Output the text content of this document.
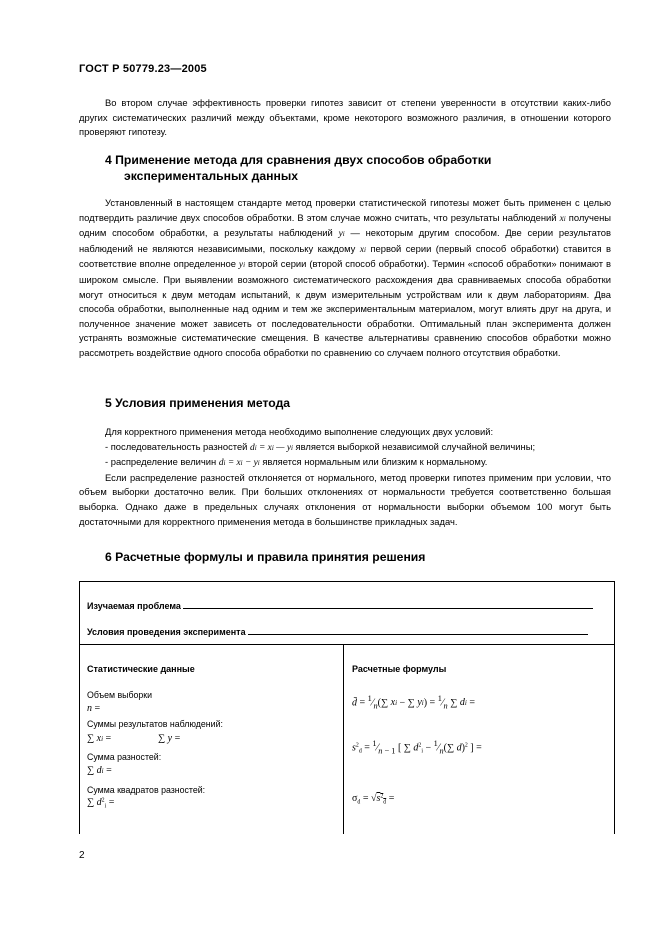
ГОСТ Р 50779.23—2005

Во втором случае эффективность проверки гипотез зависит от степени уверенности в отсутствии каких-либо других систематических различий между объектами, кроме некоторого возможного различия, в отношении которого проверяют гипотезу.

4 Применение метода для сравнения двух способов обработки
экспериментальных данных

Установленный в настоящем стандарте метод проверки статистической гипотезы может быть применен с целью подтвердить различие двух способов обработки. В этом случае можно считать, что результаты наблюдений xi получены одним способом обработки, а результаты наблюдений yi — некоторым другим способом. Две серии результатов наблюдений не являются независимыми, поскольку каждому xi первой серии (первый способ обработки) ставится в соответствие вполне определенное yi второй серии (второй способ обработки). Термин «способ обработки» понимают в широком смысле. При выявлении возможного систематического расхождения два сравниваемых способа обработки могут относиться к двум методам испытаний, к двум измерительным устройствам или к двум лабораториям. Два способа обработки, выполненные над одним и тем же экспериментальным материалом, могут влиять друг на друга, и полученное значение может зависеть от последовательности обработки. Оптимальный план эксперимента должен устранять возможные систематические смещения. В качестве альтернативы сравнению способов обработки можно рассмотреть воздействие одного способа обработки по сравнению со случаем полного отсутствия обработки.

5 Условия применения метода

Для корректного применения метода необходимо выполнение следующих двух условий:

- последовательность разностей di = xi — yi является выборкой независимой случайной величины;

- распределение величин di = xi − yi является нормальным или близким к нормальному.

Если распределение разностей отклоняется от нормального, метод проверки гипотез применим при условии, что объем выборки достаточно велик. При больших отклонениях от нормальности требуется соответственно большая выборка. Однако даже в предельных случаях отклонения от нормальности выборки объемом 100 могут быть достаточными для корректного применения метода в большинстве прикладных задач.

6 Расчетные формулы и правила принятия решения
Изучаемая проблема
Условия проведения эксперимента
Статистические данные	Расчетные формулы
Объем выборки
n =
Суммы результатов наблюдений:
∑ xi =	∑ y =
Сумма разностей:
∑ di =
Сумма квадратов разностей:
∑ $d^2_i$ =
d̄ = $^1⁄_n(\sum$ xi − ∑ $yi) = ^1⁄_n$ ∑ di =
$s^2_d$ = $^1⁄_{n - 1}$ [ ∑ $d^2_i$ − $^1⁄_n(\sum$ d)$^2$ ] =
$\sigma_d = √s^2_d$ =
2
